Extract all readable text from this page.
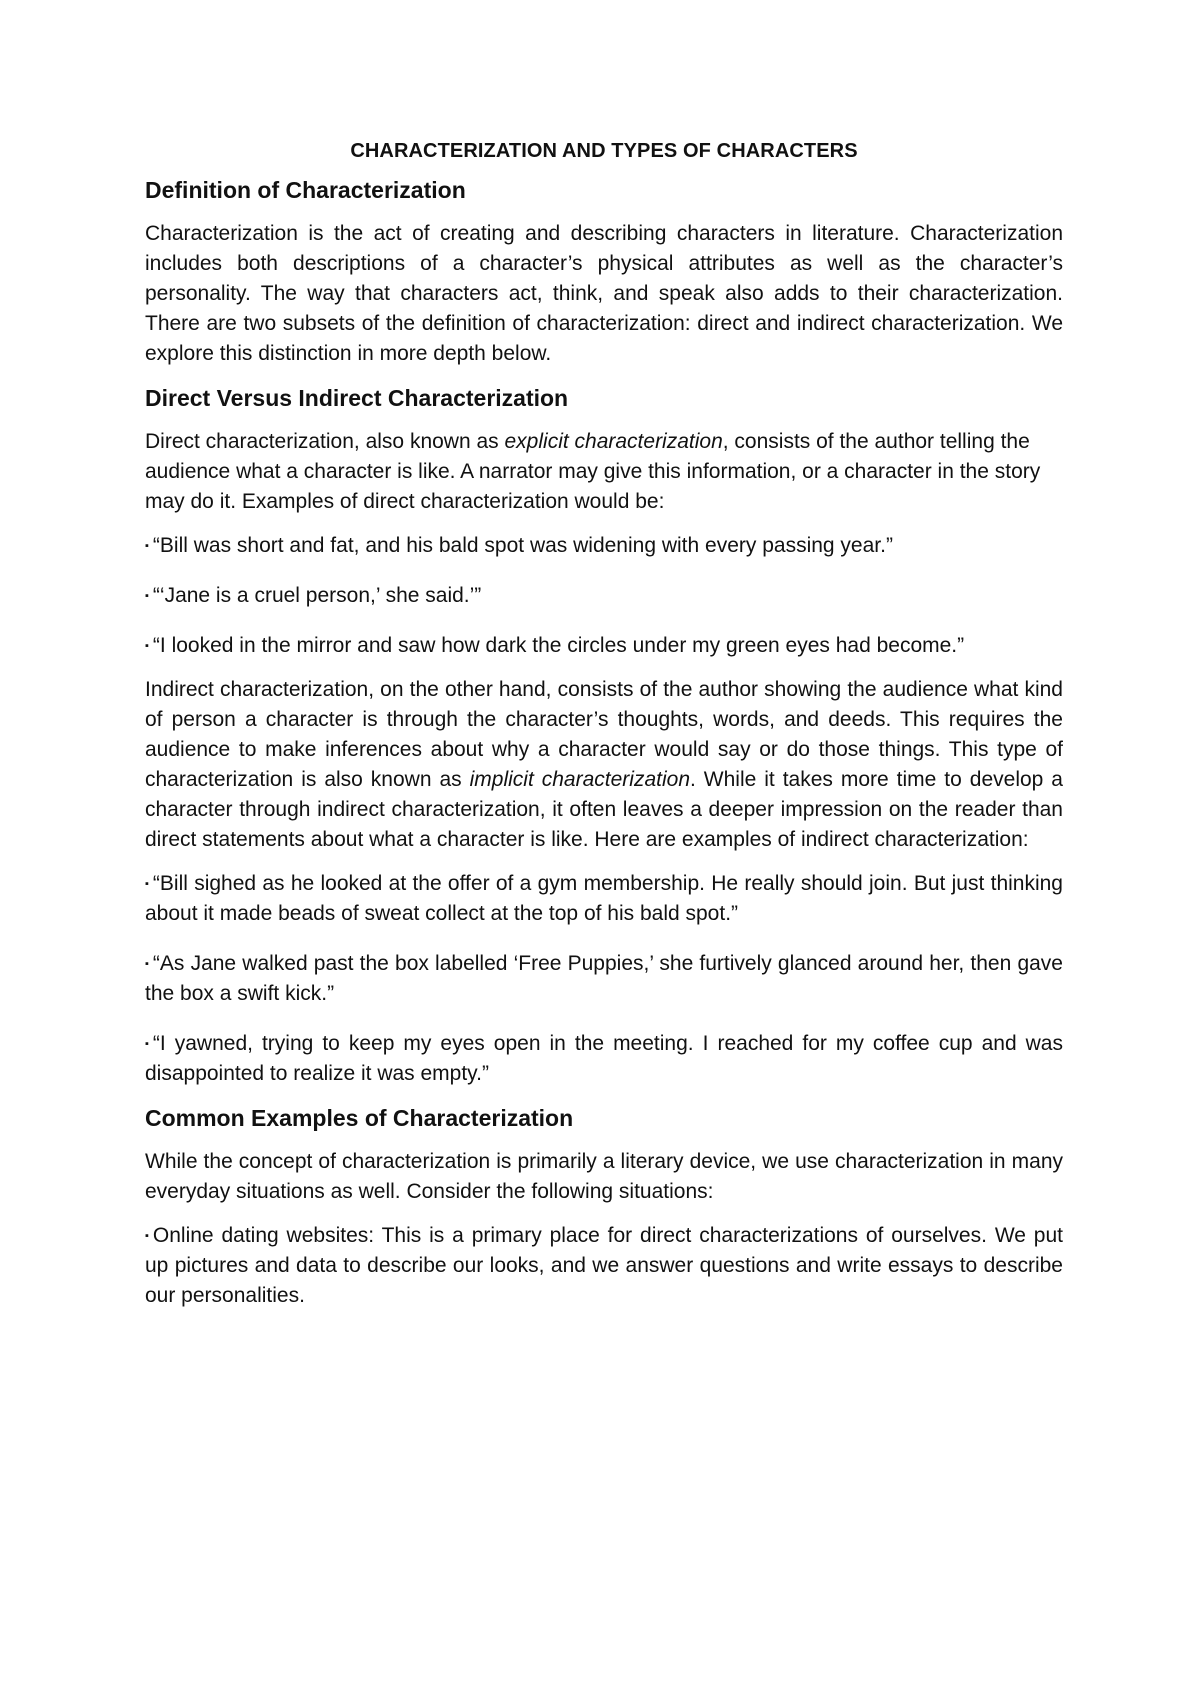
CHARACTERIZATION AND TYPES OF CHARACTERS
Definition of Characterization

Characterization is the act of creating and describing characters in literature. Characterization includes both descriptions of a character’s physical attributes as well as the character’s personality. The way that characters act, think, and speak also adds to their characterization. There are two subsets of the definition of characterization: direct and indirect characterization. We explore this distinction in more depth below.

Direct Versus Indirect Characterization

Direct characterization, also known as explicit characterization, consists of the author telling the audience what a character is like. A narrator may give this information, or a character in the story may do it. Examples of direct characterization would be:

▪ “Bill was short and fat, and his bald spot was widening with every passing year.”
▪ “‘Jane is a cruel person,’ she said.’”
▪ “I looked in the mirror and saw how dark the circles under my green eyes had become.”

Indirect characterization, on the other hand, consists of the author showing the audience what kind of person a character is through the character’s thoughts, words, and deeds. This requires the audience to make inferences about why a character would say or do those things. This type of characterization is also known as implicit characterization. While it takes more time to develop a character through indirect characterization, it often leaves a deeper impression on the reader than direct statements about what a character is like. Here are examples of indirect characterization:

▪ “Bill sighed as he looked at the offer of a gym membership. He really should join. But just thinking about it made beads of sweat collect at the top of his bald spot.”
▪ “As Jane walked past the box labelled ‘Free Puppies,’ she furtively glanced around her, then gave the box a swift kick.”
▪ “I yawned, trying to keep my eyes open in the meeting. I reached for my coffee cup and was disappointed to realize it was empty.”
Common Examples of Characterization

While the concept of characterization is primarily a literary device, we use characterization in many everyday situations as well. Consider the following situations:

▪ Online dating websites: This is a primary place for direct characterizations of ourselves. We put up pictures and data to describe our looks, and we answer questions and write essays to describe our personalities.
